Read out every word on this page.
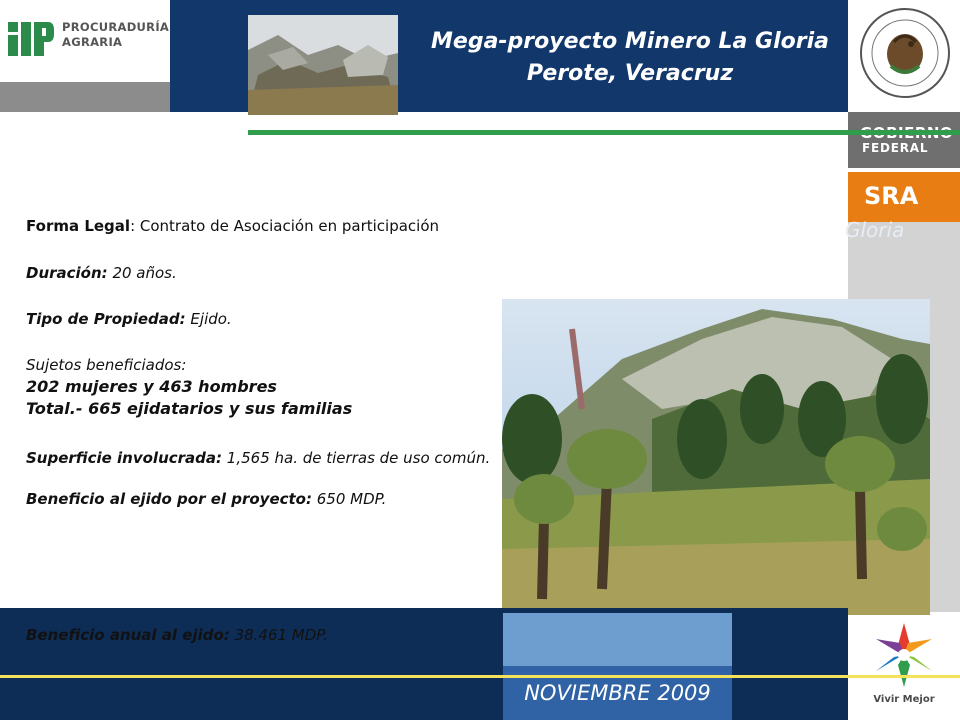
PROCURADURÍA
AGRARIA	Mega-proyecto Minero La Gloria
Perote, Veracruz
FEDERAL
SRA
Gloria
Vivir Mejor

Forma Legal: Contrato de Asociación en participación

Duración: 20 años.

Tipo de Propiedad: Ejido.

Sujetos beneficiados:

202 mujeres y 463 hombres

Total.- 665 ejidatarios y sus familias

Superficie involucrada: 1,565 ha. de tierras de uso común.

Beneficio al ejido por el proyecto: 650 MDP.

Beneficio anual al ejido: 38.461 MDP.

NOVIEMBRE 2009
